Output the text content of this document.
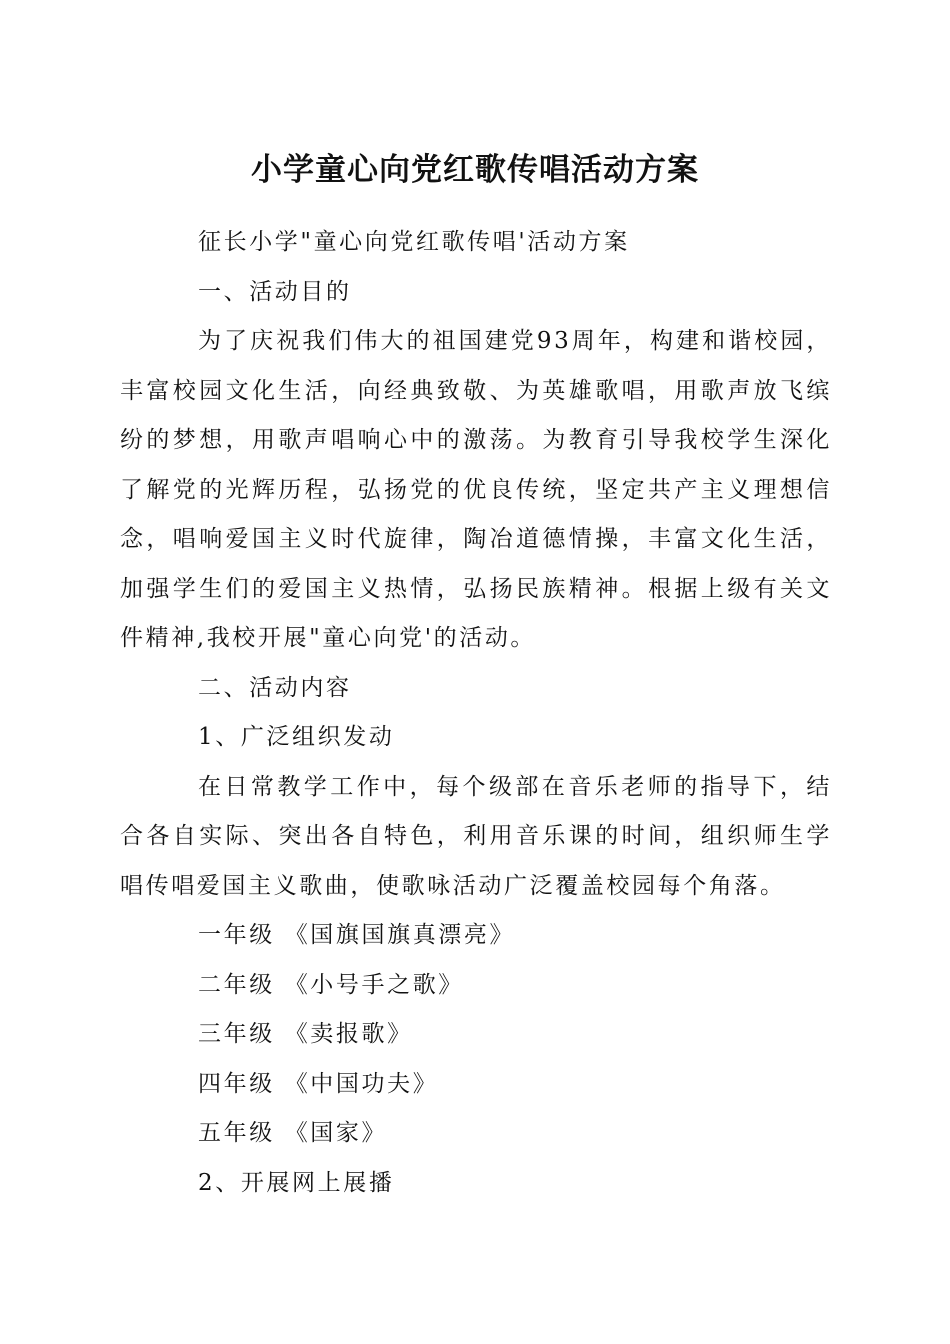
小学童心向党红歌传唱活动方案

征长小学"童心向党红歌传唱'活动方案

一、活动目的

为了庆祝我们伟大的祖国建党93周年，构建和谐校园，丰富校园文化生活，向经典致敬、为英雄歌唱，用歌声放飞缤纷的梦想，用歌声唱响心中的激荡。为教育引导我校学生深化了解党的光辉历程，弘扬党的优良传统，坚定共产主义理想信念，唱响爱国主义时代旋律，陶冶道德情操，丰富文化生活，加强学生们的爱国主义热情，弘扬民族精神。根据上级有关文件精神,我校开展"童心向党'的活动。

二、活动内容

1、广泛组织发动

在日常教学工作中，每个级部在音乐老师的指导下，结合各自实际、突出各自特色，利用音乐课的时间，组织师生学唱传唱爱国主义歌曲，使歌咏活动广泛覆盖校园每个角落。

一年级 《国旗国旗真漂亮》

二年级 《小号手之歌》

三年级 《卖报歌》

四年级 《中国功夫》

五年级 《国家》

2、开展网上展播
